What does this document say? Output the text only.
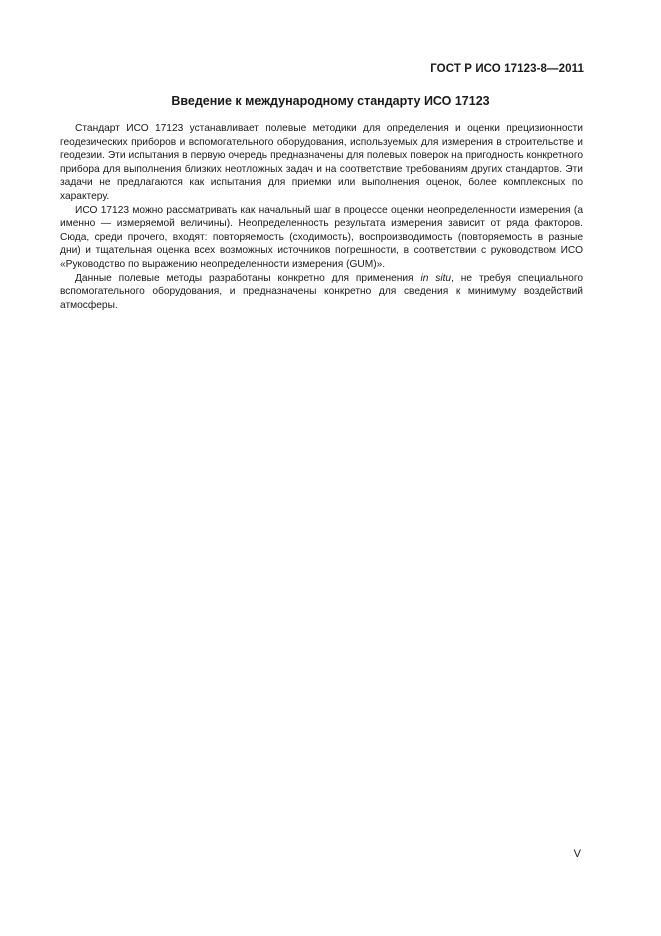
ГОСТ Р ИСО 17123-8—2011
Введение к международному стандарту ИСО 17123

Стандарт ИСО 17123 устанавливает полевые методики для определения и оценки прецизионности геодезических приборов и вспомогательного оборудования, используемых для измерения в строительстве и геодезии. Эти испытания в первую очередь предназначены для полевых поверок на пригодность конкретного прибора для выполнения близких неотложных задач и на соответствие требованиям других стандартов. Эти задачи не предлагаются как испытания для приемки или выполнения оценок, более комплексных по характеру.

ИСО 17123 можно рассматривать как начальный шаг в процессе оценки неопределенности измерения (а именно — измеряемой величины). Неопределенность результата измерения зависит от ряда факторов. Сюда, среди прочего, входят: повторяемость (сходимость), воспроизводимость (повторяемость в разные дни) и тщательная оценка всех возможных источников погрешности, в соответствии с руководством ИСО «Руководство по выражению неопределенности измерения (GUM)».

Данные полевые методы разработаны конкретно для применения in situ, не требуя специального вспомогательного оборудования, и предназначены конкретно для сведения к минимуму воздействий атмосферы.

V
